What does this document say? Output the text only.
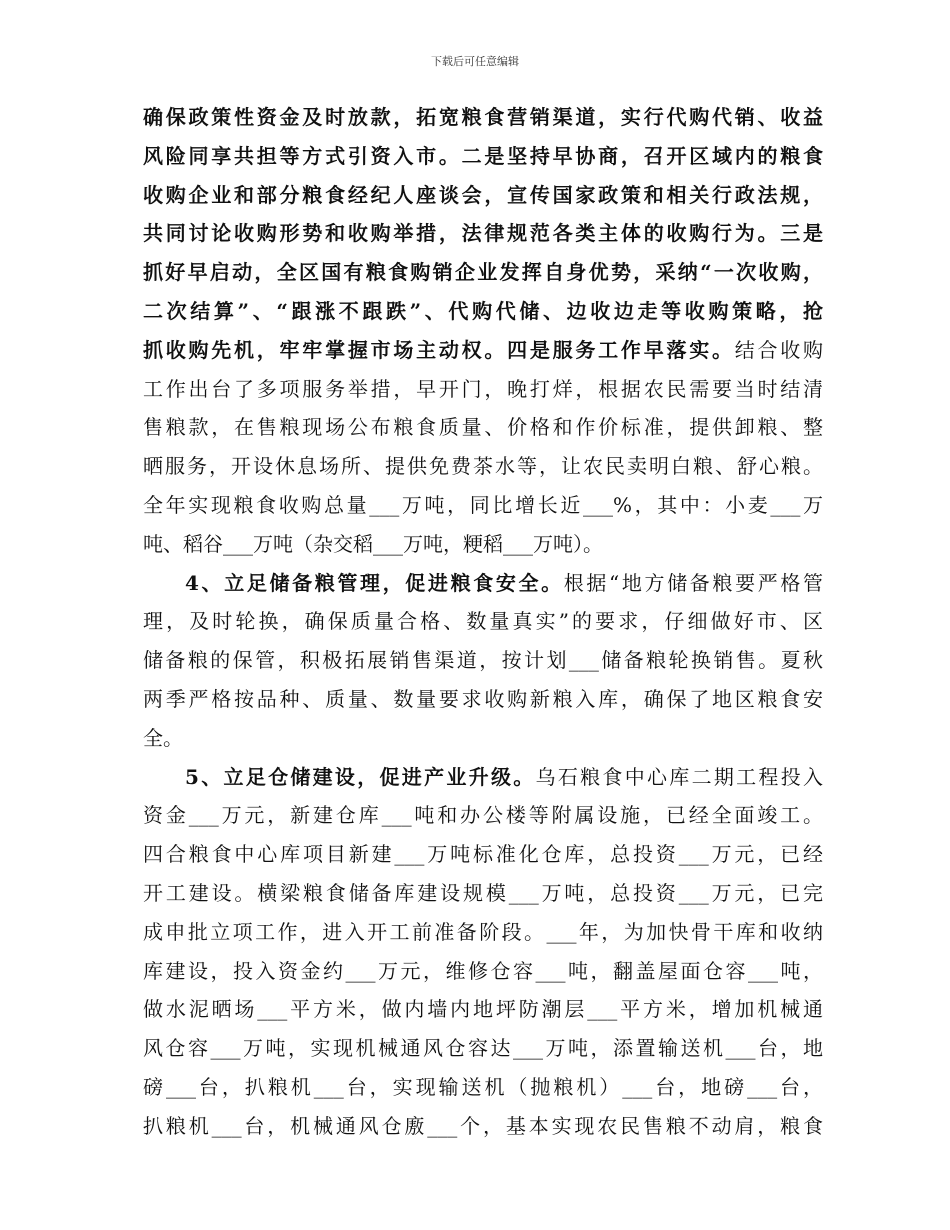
下载后可任意编辑
确保政策性资金及时放款，拓宽粮食营销渠道，实行代购代销、收益
风险同享共担等方式引资入市。二是坚持早协商，召开区域内的粮食
收购企业和部分粮食经纪人座谈会，宣传国家政策和相关行政法规，
共同讨论收购形势和收购举措，法律规范各类主体的收购行为。三是
抓好早启动，全区国有粮食购销企业发挥自身优势，采纳“一次收购，
二次结算”、“跟涨不跟跌”、代购代储、边收边走等收购策略，抢
抓收购先机，牢牢掌握市场主动权。四是服务工作早落实。结合收购
工作出台了多项服务举措，早开门，晚打烊，根据农民需要当时结清
售粮款，在售粮现场公布粮食质量、价格和作价标准，提供卸粮、整
晒服务，开设休息场所、提供免费茶水等，让农民卖明白粮、舒心粮。
全年实现粮食收购总量___万吨，同比增长近___%，其中：小麦___万
吨、稻谷___万吨（杂交稻___万吨，粳稻___万吨）。
4、立足储备粮管理，促进粮食安全。根据“地方储备粮要严格管
理，及时轮换，确保质量合格、数量真实”的要求，仔细做好市、区
储备粮的保管，积极拓展销售渠道，按计划___储备粮轮换销售。夏秋
两季严格按品种、质量、数量要求收购新粮入库，确保了地区粮食安
全。
5、立足仓储建设，促进产业升级。乌石粮食中心库二期工程投入
资金___万元，新建仓库___吨和办公楼等附属设施，已经全面竣工。
四合粮食中心库项目新建___万吨标准化仓库，总投资___万元，已经
开工建设。横梁粮食储备库建设规模___万吨，总投资___万元，已完
成申批立项工作，进入开工前准备阶段。___年，为加快骨干库和收纳
库建设，投入资金约___万元，维修仓容___吨，翻盖屋面仓容___吨，
做水泥晒场___平方米，做内墙内地坪防潮层___平方米，增加机械通
风仓容___万吨，实现机械通风仓容达___万吨，添置输送机___台，地
磅___台，扒粮机___台，实现输送机（抛粮机）___台，地磅___台，
扒粮机___台，机械通风仓廒___个，基本实现农民售粮不动肩，粮食
